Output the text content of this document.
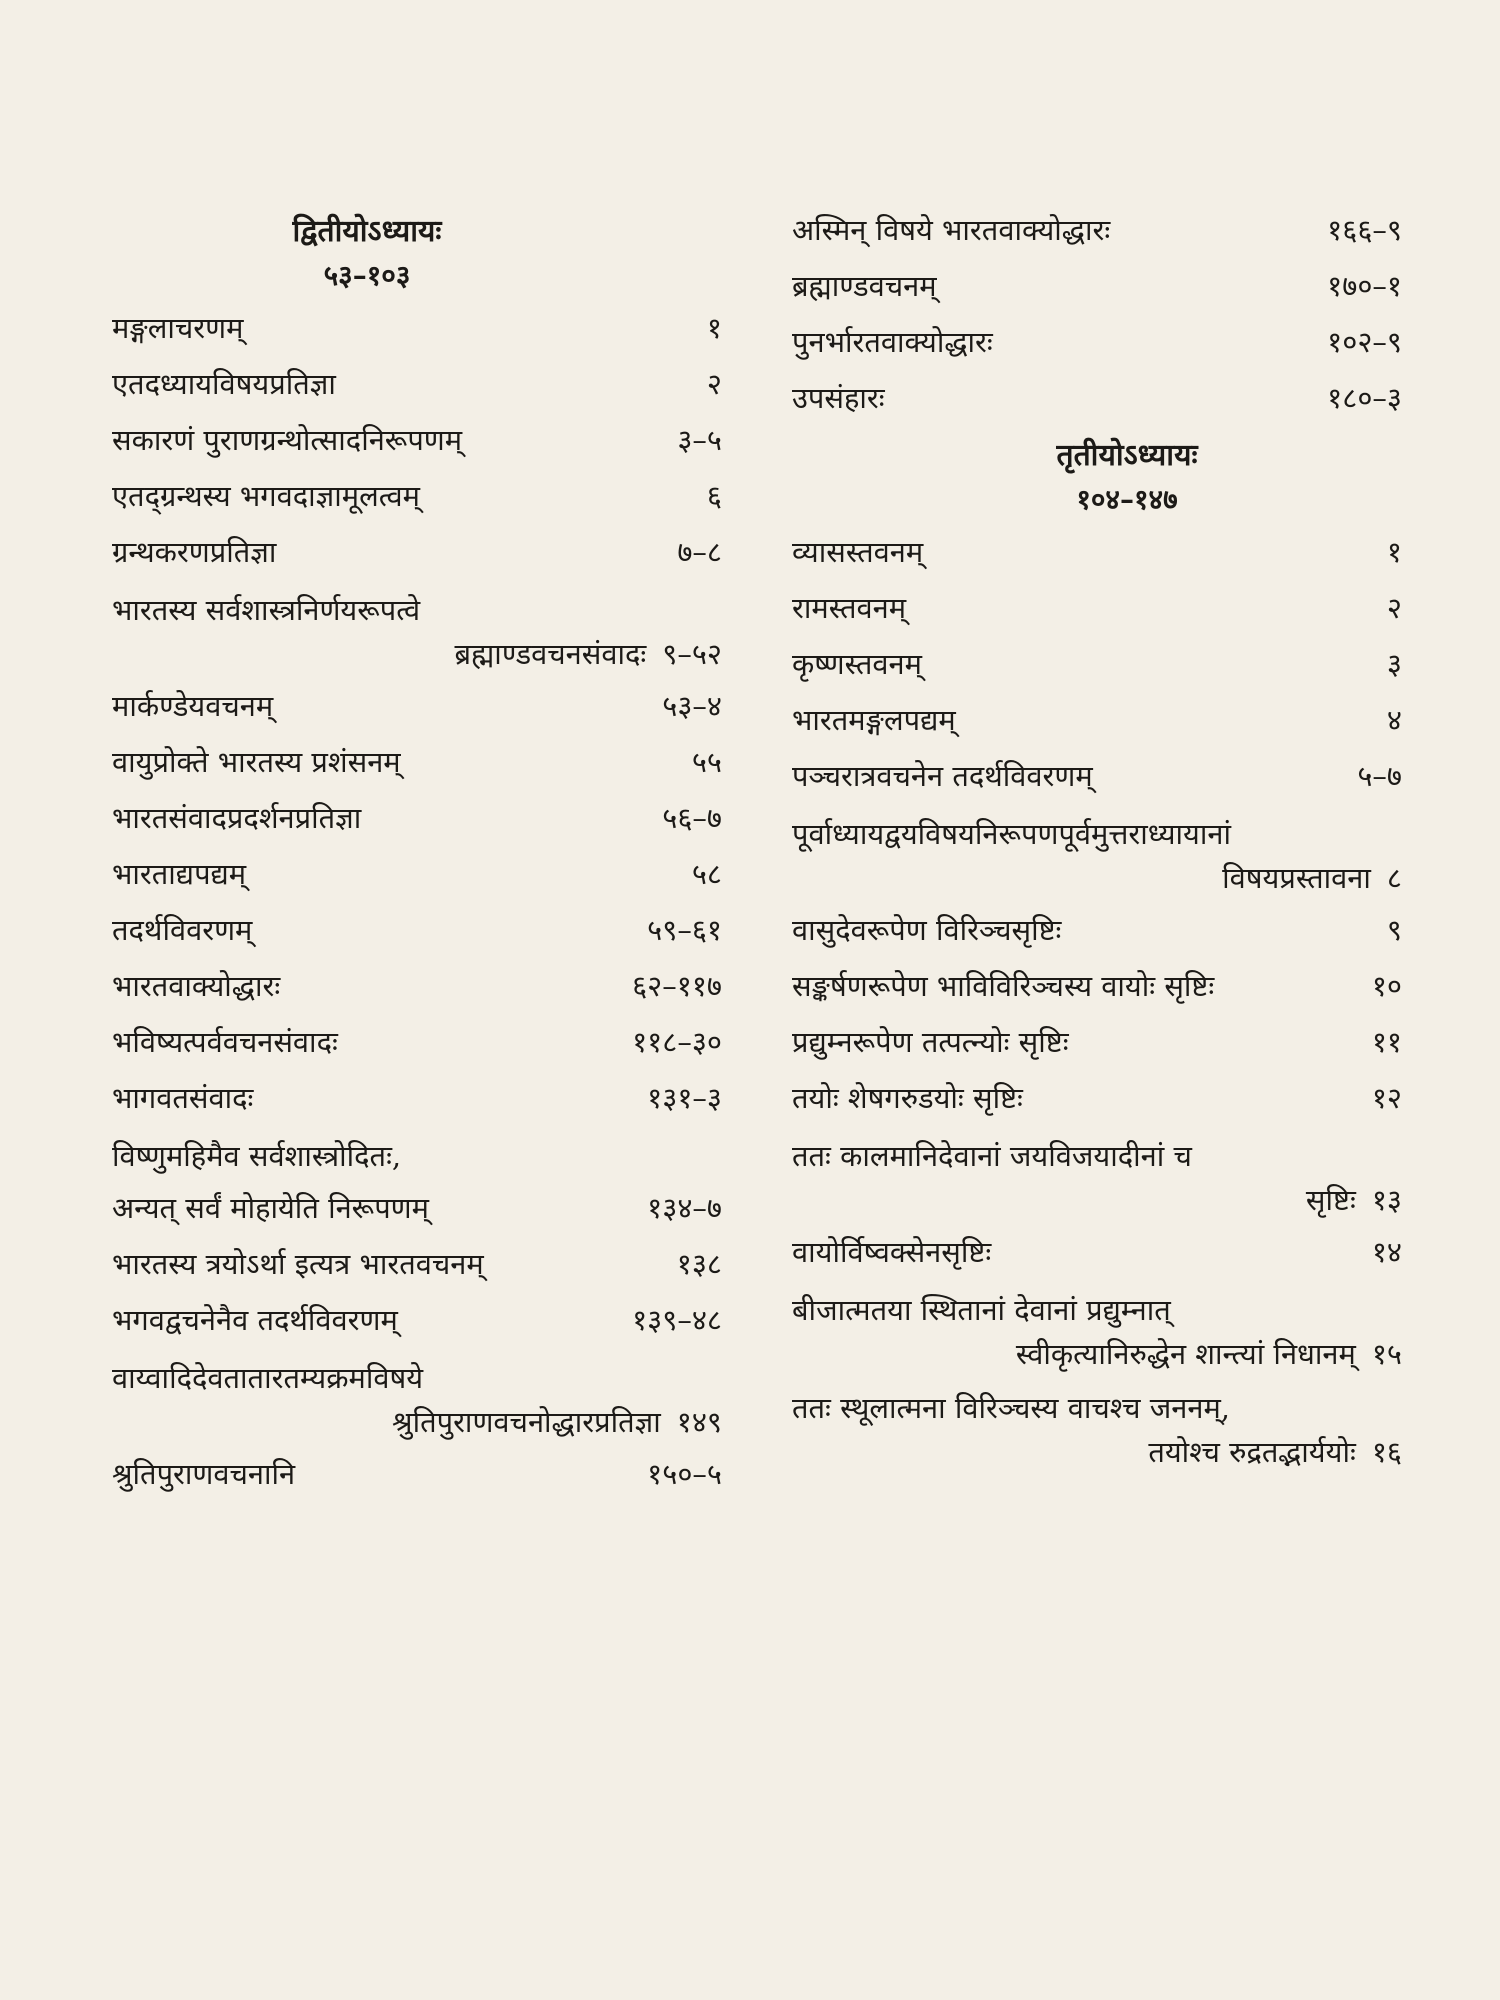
द्वितीयोऽध्यायः
५३–१०३
मङ्गलाचरणम्	१
एतदध्यायविषयप्रतिज्ञा	२
सकारणं पुराणग्रन्थोत्सादनिरूपणम्	३–५
एतद्ग्रन्थस्य भगवदाज्ञामूलत्वम्	६
ग्रन्थकरणप्रतिज्ञा	७–८
भारतस्य सर्वशास्त्रनिर्णयरूपत्वे
ब्रह्माण्डवचनसंवादः ९–५२
मार्कण्डेयवचनम्	५३–४
वायुप्रोक्ते भारतस्य प्रशंसनम्	५५
भारतसंवादप्रदर्शनप्रतिज्ञा	५६–७
भारताद्यपद्यम्	५८
तदर्थविवरणम्	५९–६१
भारतवाक्योद्धारः	६२–११७
भविष्यत्पर्ववचनसंवादः	११८–३०
भागवतसंवादः	१३१–३
विष्णुमहिमैव सर्वशास्त्रोदितः,
अन्यत् सर्वं मोहायेति निरूपणम्	१३४–७
भारतस्य त्रयोऽर्था इत्यत्र भारतवचनम्	१३८
भगवद्वचनेनैव तदर्थविवरणम्	१३९–४८
वाय्वादिदेवतातारतम्यक्रमविषये
श्रुतिपुराणवचनोद्धारप्रतिज्ञा १४९
श्रुतिपुराणवचनानि	१५०–५
अस्मिन् विषये भारतवाक्योद्धारः	१६६–९
ब्रह्माण्डवचनम्	१७०–१
पुनर्भारतवाक्योद्धारः	१०२–९
उपसंहारः	१८०–३
तृतीयोऽध्यायः
१०४–१४७
व्यासस्तवनम्	१
रामस्तवनम्	२
कृष्णस्तवनम्	३
भारतमङ्गलपद्यम्	४
पञ्चरात्रवचनेन तदर्थविवरणम्	५–७
पूर्वाध्यायद्वयविषयनिरूपणपूर्वमुत्तराध्यायानां
विषयप्रस्तावना ८
वासुदेवरूपेण विरिञ्चसृष्टिः	९
सङ्कर्षणरूपेण भाविविरिञ्चस्य वायोः सृष्टिः	१०
प्रद्युम्नरूपेण तत्पत्न्योः सृष्टिः	११
तयोः शेषगरुडयोः सृष्टिः	१२
ततः कालमानिदेवानां जयविजयादीनां च
सृष्टिः १३
वायोर्विष्वक्सेनसृष्टिः	१४
बीजात्मतया स्थितानां देवानां प्रद्युम्नात्
स्वीकृत्यानिरुद्धेन शान्त्यां निधानम् १५
ततः स्थूलात्मना विरिञ्चस्य वाचश्च जननम्,
तयोश्च रुद्रतद्भार्ययोः १६
